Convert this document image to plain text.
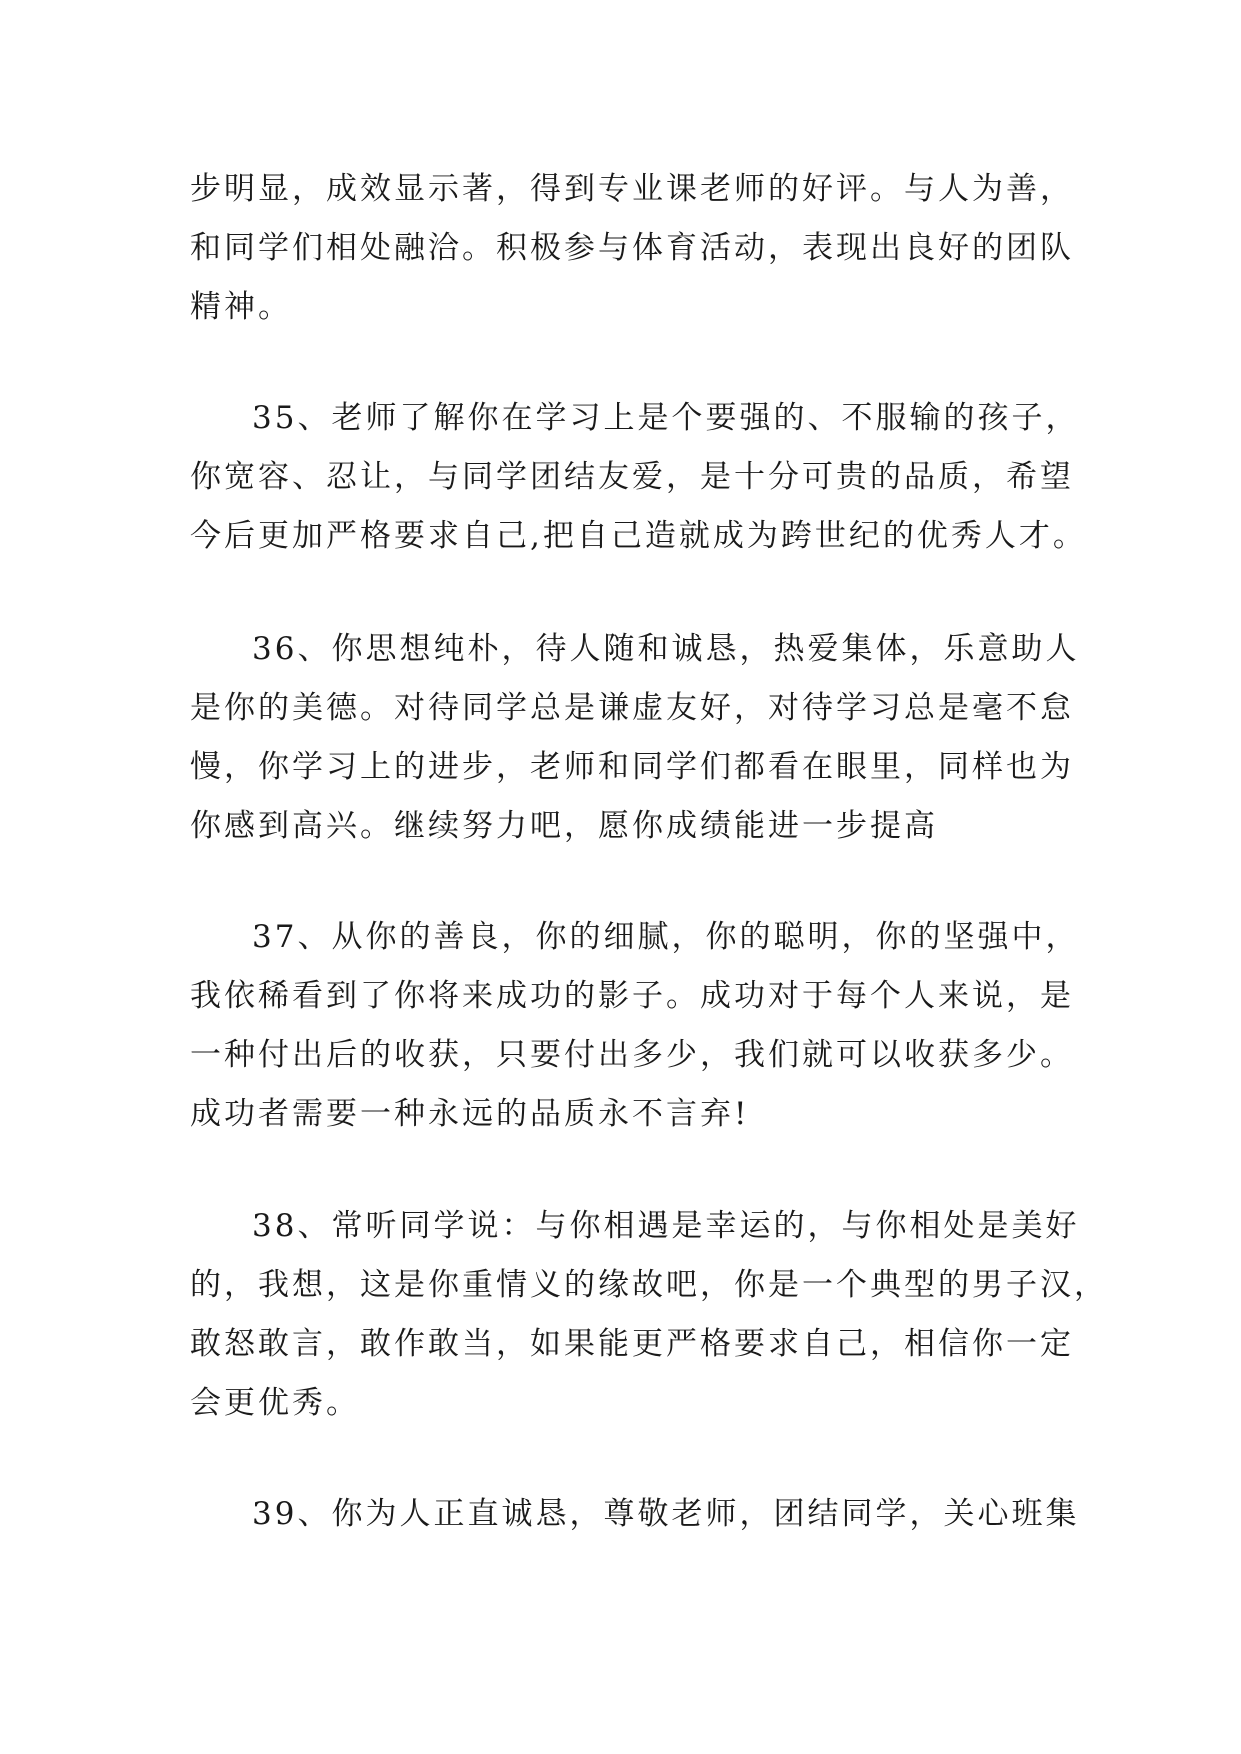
步明显，成效显示著，得到专业课老师的好评。与人为善，
和同学们相处融洽。积极参与体育活动，表现出良好的团队
精神。

35、老师了解你在学习上是个要强的、不服输的孩子，
你宽容、忍让，与同学团结友爱，是十分可贵的品质，希望
今后更加严格要求自己,把自己造就成为跨世纪的优秀人才。

36、你思想纯朴，待人随和诚恳，热爱集体，乐意助人
是你的美德。对待同学总是谦虚友好，对待学习总是毫不怠
慢，你学习上的进步，老师和同学们都看在眼里，同样也为
你感到高兴。继续努力吧，愿你成绩能进一步提高

37、从你的善良，你的细腻，你的聪明，你的坚强中，
我依稀看到了你将来成功的影子。成功对于每个人来说，是
一种付出后的收获，只要付出多少，我们就可以收获多少。
成功者需要一种永远的品质永不言弃!

38、常听同学说：与你相遇是幸运的，与你相处是美好
的，我想，这是你重情义的缘故吧，你是一个典型的男子汉，
敢怒敢言，敢作敢当，如果能更严格要求自己，相信你一定
会更优秀。

39、你为人正直诚恳，尊敬老师，团结同学，关心班集
